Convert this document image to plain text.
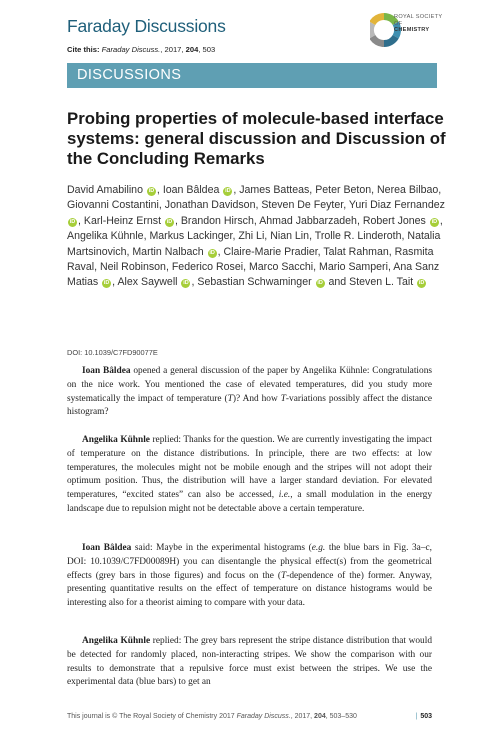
Faraday Discussions
Cite this: Faraday Discuss., 2017, 204, 503
ROYAL SOCIETY
OF
CHEMISTRY
DISCUSSIONS
Probing properties of molecule-based interface systems: general discussion and Discussion of the Concluding Remarks
David Amabilino iD , Ioan Bâldea iD , James Batteas, Peter Beton, Nerea Bilbao, Giovanni Costantini, Jonathan Davidson, Steven De Feyter, Yuri Diaz Fernandez iD , Karl-Heinz Ernst iD , Brandon Hirsch, Ahmad Jabbarzadeh, Robert Jones iD , Angelika Kühnle, Markus Lackinger, Zhi Li, Nian Lin, Trolle R. Linderoth, Natalia Martsinovich, Martin Nalbach iD , Claire-Marie Pradier, Talat Rahman, Rasmita Raval, Neil Robinson, Federico Rosei, Marco Sacchi, Mario Samperi, Ana Sanz Matias iD , Alex Saywell iD , Sebastian Schwaminger iD and Steven L. Tait iD
DOI: 10.1039/C7FD90077E

Ioan Bâldea opened a general discussion of the paper by Angelika Kühnle: Congratulations on the nice work. You mentioned the case of elevated temperatures, did you study more systematically the impact of temperature (T)? And how T-variations possibly affect the distance histogram?

Angelika Kühnle replied: Thanks for the question. We are currently investigating the impact of temperature on the distance distributions. In principle, there are two effects: at low temperatures, the molecules might not be mobile enough and the stripes will not adopt their optimum position. Thus, the distribution will have a larger standard deviation. For elevated temperatures, “excited states” can also be accessed, i.e., a small modulation in the energy landscape due to repulsion might not be detectable above a certain temperature.

Ioan Bâldea said: Maybe in the experimental histograms (e.g. the blue bars in Fig. 3a–c, DOI: 10.1039/C7FD00089H) you can disentangle the physical effect(s) from the geometrical effects (grey bars in those figures) and focus on the (T-dependence of the) former. Anyway, presenting quantitative results on the effect of temperature on distance histograms would be interesting also for a theorist aiming to compare with your data.

Angelika Kühnle replied: The grey bars represent the stripe distance distribution that would be detected for randomly placed, non-interacting stripes. We show the comparison with our results to demonstrate that a repulsive force must exist between the stripes. We use the experimental data (blue bars) to get an

This journal is © The Royal Society of Chemistry 2017 Faraday Discuss., 2017, 204, 503–530	| 503
